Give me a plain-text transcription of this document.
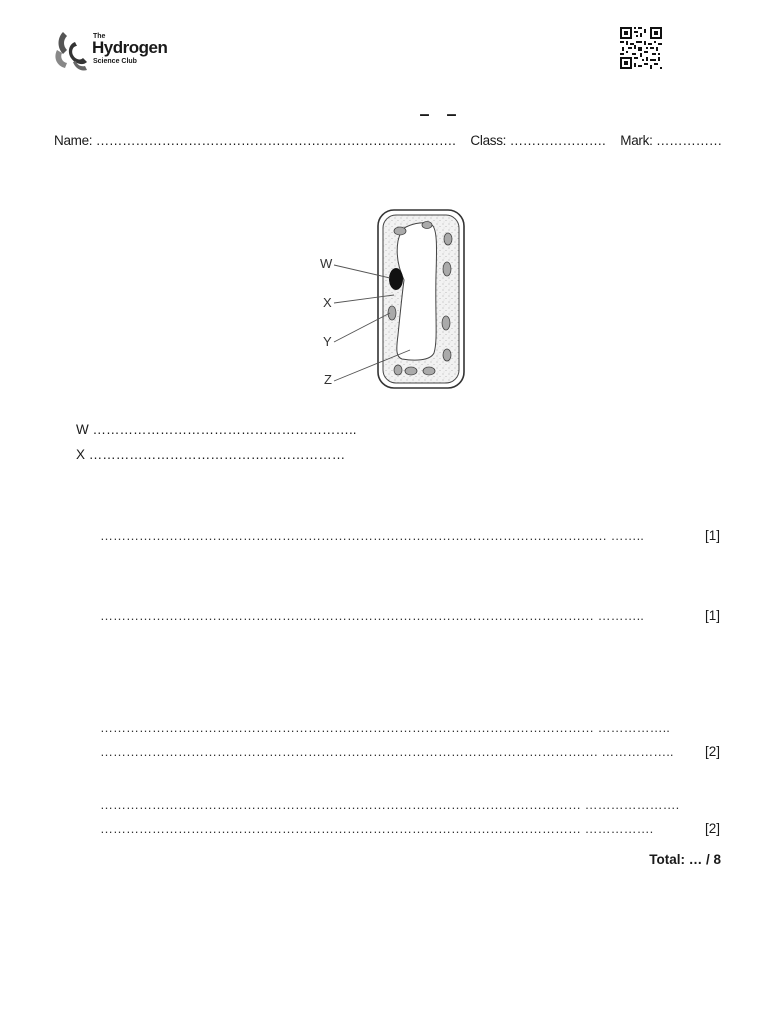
The
Hydrogen
Science Club
– –
Name: ………………………………………………………………………. Class: …………………. Mark: ……………
W
X
Y
Z
W …………………………………………………..
X …………………………………………………
……………………………………………………………………………………………………… ……..	[1]
…………………………………………………………………………………………………… ………..	[1]
…………………………………………………………………………………………………… ……………..
……………………………………………………………………………………………………. …………….. [2]
………………………………………………………………………………………………… ………………….
………………………………………………………………………………………………… …………….	[2]
Total: … / 8
